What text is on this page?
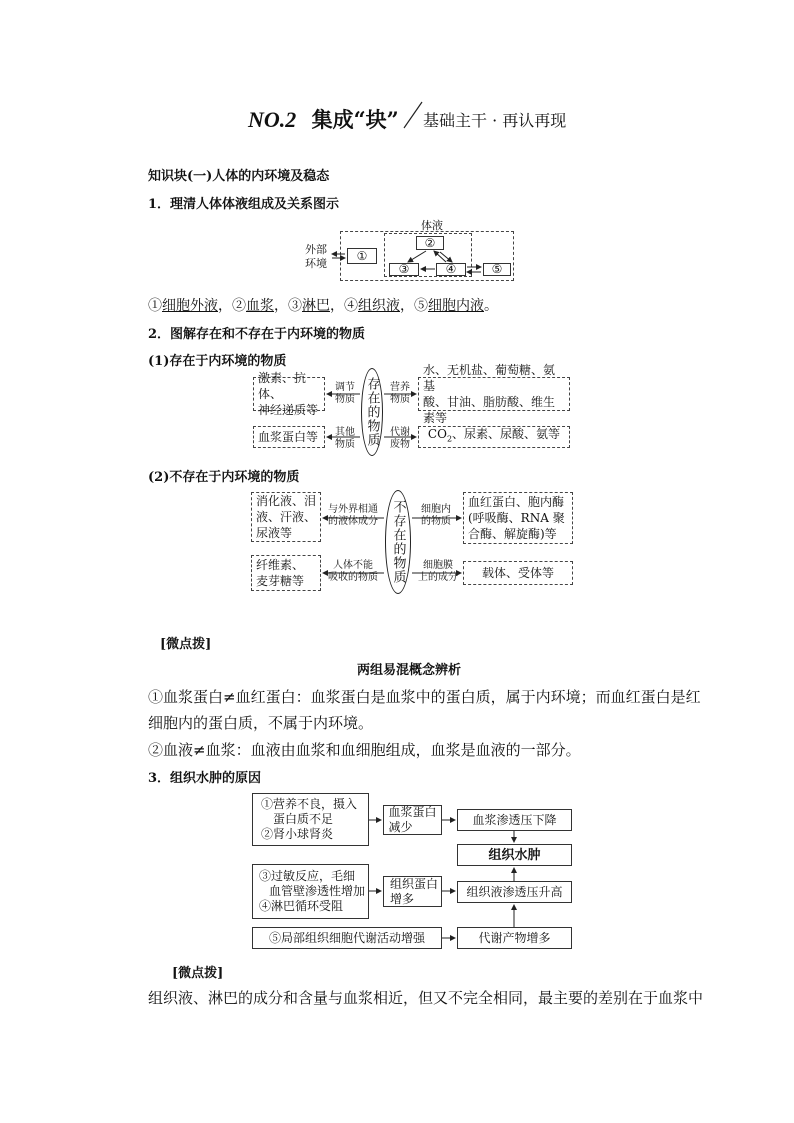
NO.2 集成“块” 基础主干 · 再认再现
知识块(一)人体的内环境及稳态
1．理清人体体液组成及关系图示
体液
外部
环境
①
②
③	④	⑤
①细胞外液，②血浆，③淋巴，④组织液，⑤细胞内液。
2．图解存在和不存在于内环境的物质
(1)存在于内环境的物质
激素、抗体、
神经递质等
血浆蛋白等
调节
物质
其他
物质 存在的物质	营养
物质
代谢
废物
水、无机盐、葡萄糖、氨基
酸、甘油、脂肪酸、维生素等
$CO_2$、尿素、尿酸、氨等
(2)不存在于内环境的物质
消化液、泪
液、汗液、
尿液等
纤维素、
麦芽糖等
与外界相通
的液体成分
人体不能
吸收的物质 不存在的物质	细胞内
的物质
细胞膜
上的成分
血红蛋白、胞内酶
(呼吸酶、RNA 聚
合酶、解旋酶)等
载体、受体等
[微点拨]
两组易混概念辨析
①血浆蛋白≠血红蛋白：血浆蛋白是血浆中的蛋白质，属于内环境；而血红蛋白是红
细胞内的蛋白质，不属于内环境。
②血液≠血浆：血液由血浆和血细胞组成，血浆是血液的一部分。
3．组织水肿的原因
①营养不良，摄入
蛋白质不足
②肾小球肾炎
血浆蛋白
减少
血浆渗透压下降
组织水肿
③过敏反应，毛细
血管壁渗透性增加
④淋巴循环受阻
组织蛋白
增多	组织液渗透压升高
⑤局部组织细胞代谢活动增强	代谢产物增多
[微点拨]
组织液、淋巴的成分和含量与血浆相近，但又不完全相同，最主要的差别在于血浆中
